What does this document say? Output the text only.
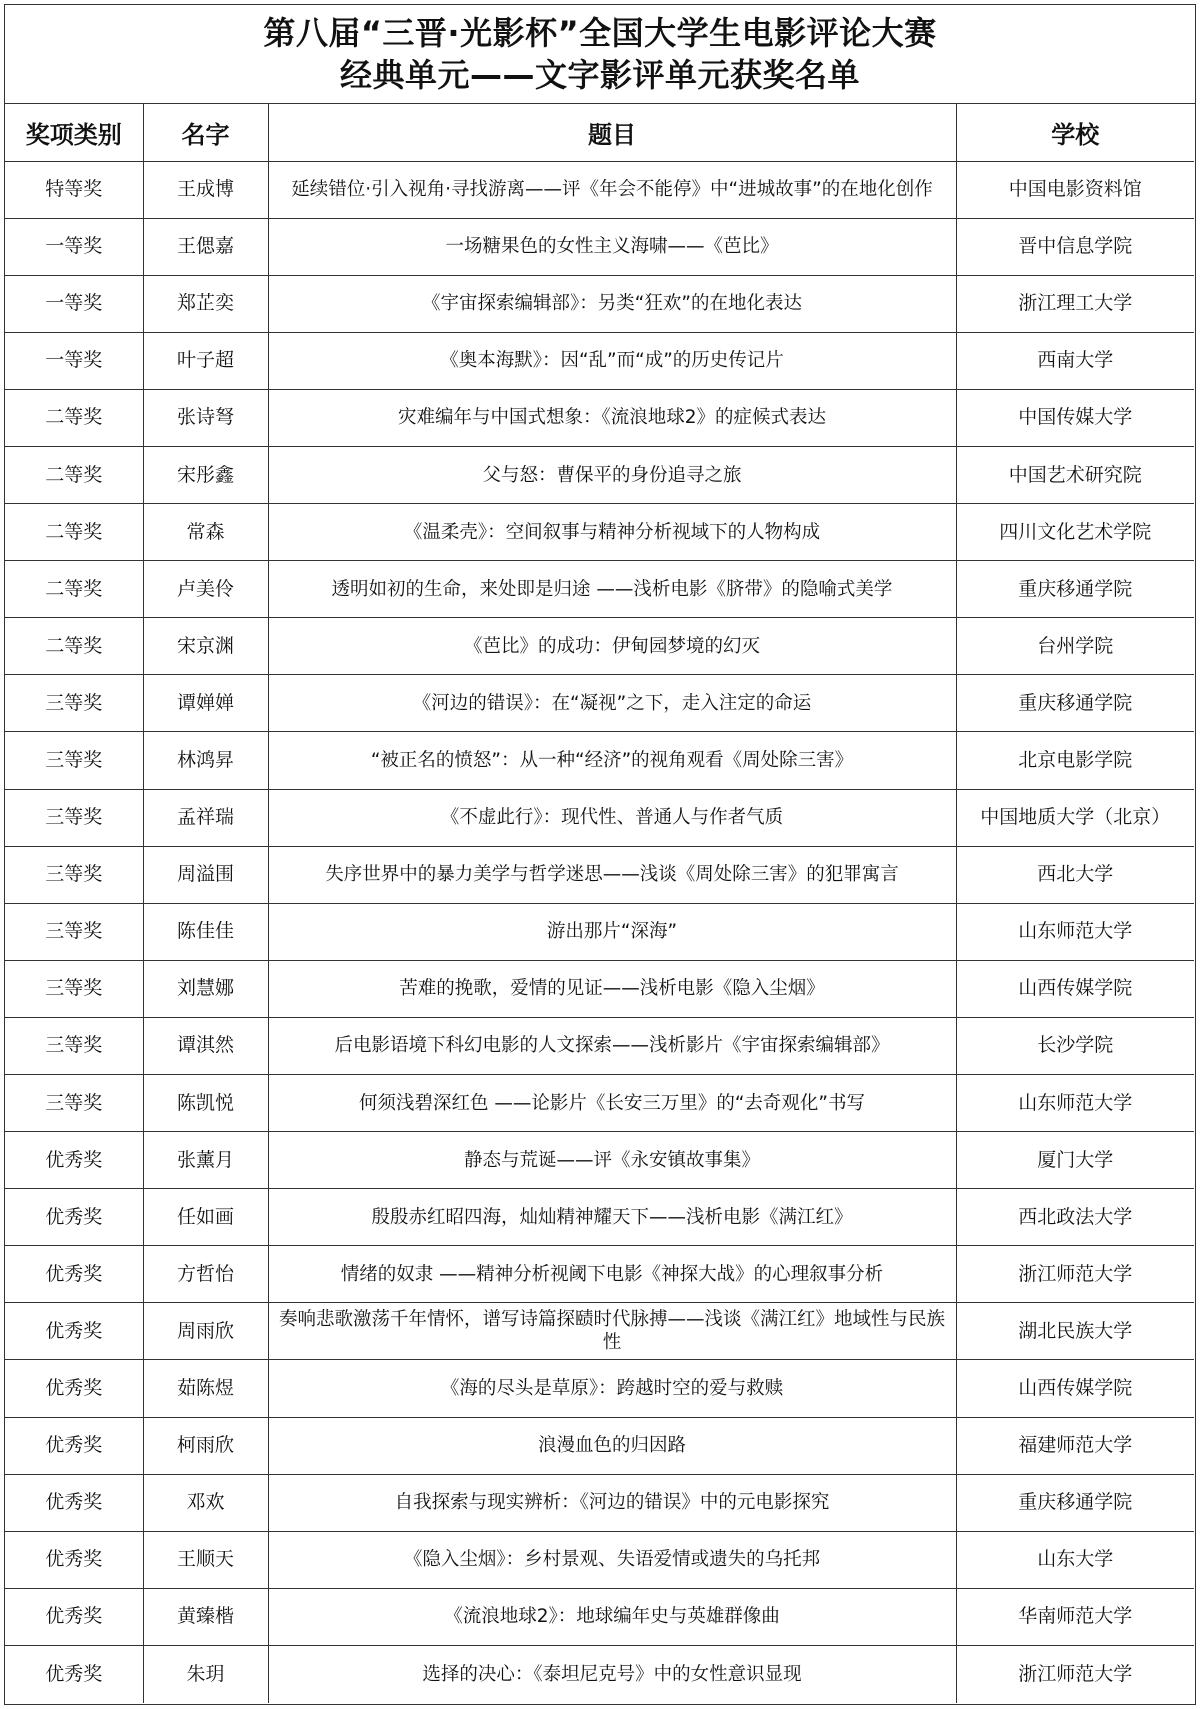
第八届“三晋·光影杯”全国大学生电影评论大赛
经典单元——文字影评单元获奖名单
奖项类别	名字	题目	学校
特等奖	王成博	延续错位·引入视角·寻找游离——评《年会不能停》中“进城故事”的在地化创作	中国电影资料馆
一等奖	王偲嘉	一场糖果色的女性主义海啸——《芭比》	晋中信息学院
一等奖	郑芷奕	《宇宙探索编辑部》：另类“狂欢”的在地化表达	浙江理工大学
一等奖	叶子超	《奥本海默》：因“乱”而“成”的历史传记片	西南大学
二等奖	张诗弩	灾难编年与中国式想象：《流浪地球2》的症候式表达	中国传媒大学
二等奖	宋彤鑫	父与怒：曹保平的身份追寻之旅	中国艺术研究院
二等奖	常森	《温柔壳》：空间叙事与精神分析视域下的人物构成	四川文化艺术学院
二等奖	卢美伶	透明如初的生命，来处即是归途 ——浅析电影《脐带》的隐喻式美学	重庆移通学院
二等奖	宋京渊	《芭比》的成功：伊甸园梦境的幻灭	台州学院
三等奖	谭婵婵	《河边的错误》：在“凝视”之下，走入注定的命运	重庆移通学院
三等奖	林鸿昇	“被正名的愤怒”：从一种“经济”的视角观看《周处除三害》	北京电影学院
三等奖	孟祥瑞	《不虚此行》：现代性、普通人与作者气质	中国地质大学（北京）
三等奖	周溢围	失序世界中的暴力美学与哲学迷思——浅谈《周处除三害》的犯罪寓言	西北大学
三等奖	陈佳佳	游出那片“深海”	山东师范大学
三等奖	刘慧娜	苦难的挽歌，爱情的见证——浅析电影《隐入尘烟》	山西传媒学院
三等奖	谭淇然	后电影语境下科幻电影的人文探索——浅析影片《宇宙探索编辑部》	长沙学院
三等奖	陈凯悦	何须浅碧深红色 ——论影片《长安三万里》的“去奇观化”书写	山东师范大学
优秀奖	张薰月	静态与荒诞——评《永安镇故事集》	厦门大学
优秀奖	任如画	殷殷赤红昭四海，灿灿精神耀天下——浅析电影《满江红》	西北政法大学
优秀奖	方哲怡	情绪的奴隶 ——精神分析视阈下电影《神探大战》的心理叙事分析	浙江师范大学
优秀奖	周雨欣	奏响悲歌激荡千年情怀，谱写诗篇探赜时代脉搏——浅谈《满江红》地域性与民族性	湖北民族大学
优秀奖	茹陈煜	《海的尽头是草原》：跨越时空的爱与救赎	山西传媒学院
优秀奖	柯雨欣	浪漫血色的归因路	福建师范大学
优秀奖	邓欢	自我探索与现实辨析：《河边的错误》中的元电影探究	重庆移通学院
优秀奖	王顺天	《隐入尘烟》：乡村景观、失语爱情或遗失的乌托邦	山东大学
优秀奖	黄臻楷	《流浪地球2》：地球编年史与英雄群像曲	华南师范大学
优秀奖	朱玥	选择的决心：《泰坦尼克号》中的女性意识显现	浙江师范大学
